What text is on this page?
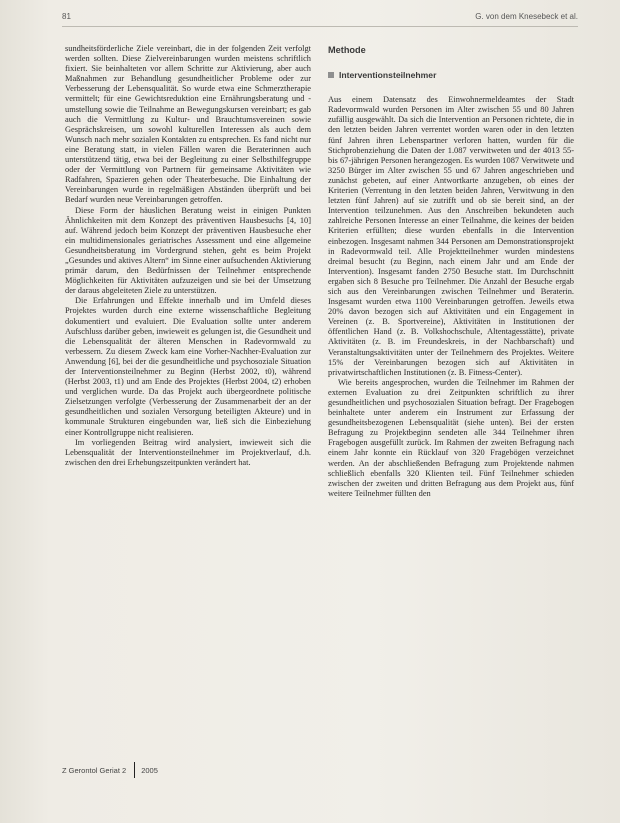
81	G. von dem Knesebeck et al.

sundheitsförderliche Ziele vereinbart, die in der folgenden Zeit verfolgt werden sollten. Diese Zielvereinbarungen wurden meistens schriftlich fixiert. Sie beinhalteten vor allem Schritte zur Aktivierung, aber auch Maßnahmen zur Behandlung gesundheitlicher Probleme oder zur Verbesserung der Lebensqualität. So wurde etwa eine Schmerztherapie vermittelt; für eine Gewichtsreduktion eine Ernährungsberatung und -umstellung sowie die Teilnahme an Bewegungskursen vereinbart; es gab auch die Vermittlung zu Kultur- und Brauchtumsvereinen sowie Gesprächskreisen, um sowohl kulturellen Interessen als auch dem Wunsch nach mehr sozialen Kontakten zu entsprechen. Es fand nicht nur eine Beratung statt, in vielen Fällen waren die Beraterinnen auch unterstützend tätig, etwa bei der Begleitung zu einer Selbsthilfegruppe oder der Vermittlung von Partnern für gemeinsame Aktivitäten wie Radfahren, Spazieren gehen oder Theaterbesuche. Die Einhaltung der Vereinbarungen wurde in regelmäßigen Abständen überprüft und bei Bedarf wurden neue Vereinbarungen getroffen.

Diese Form der häuslichen Beratung weist in einigen Punkten Ähnlichkeiten mit dem Konzept des präventiven Hausbesuchs [4, 10] auf. Während jedoch beim Konzept der präventiven Hausbesuche eher ein multidimensionales geriatrisches Assessment und eine allgemeine Gesundheitsberatung im Vordergrund stehen, geht es beim Projekt „Gesundes und aktives Altern“ im Sinne einer aufsuchenden Aktivierung primär darum, den Bedürfnissen der Teilnehmer entsprechende Möglichkeiten für Aktivitäten aufzuzeigen und sie bei der Umsetzung der daraus abgeleiteten Ziele zu unterstützen.

Die Erfahrungen und Effekte innerhalb und im Umfeld dieses Projektes wurden durch eine externe wissenschaftliche Begleitung dokumentiert und evaluiert. Die Evaluation sollte unter anderem Aufschluss darüber geben, inwieweit es gelungen ist, die Gesundheit und die Lebensqualität der älteren Menschen in Radevormwald zu verbessern. Zu diesem Zweck kam eine Vorher-Nachher-Evaluation zur Anwendung [6], bei der die gesundheitliche und psychosoziale Situation der Interventionsteilnehmer zu Beginn (Herbst 2002, t0), während (Herbst 2003, t1) und am Ende des Projektes (Herbst 2004, t2) erhoben und verglichen wurde. Da das Projekt auch übergeordnete politische Zielsetzungen verfolgte (Verbesserung der Zusammenarbeit der an der gesundheitlichen und sozialen Versorgung beteiligten Akteure) und in kommunale Strukturen eingebunden war, ließ sich die Einbeziehung einer Kontrollgruppe nicht realisieren.

Im vorliegenden Beitrag wird analysiert, inwieweit sich die Lebensqualität der Interventionsteilnehmer im Projektverlauf, d.h. zwischen den drei Erhebungszeitpunkten verändert hat.

Methode
Interventionsteilnehmer

Aus einem Datensatz des Einwohnermeldeamtes der Stadt Radevormwald wurden Personen im Alter zwischen 55 und 80 Jahren zufällig ausgewählt. Da sich die Intervention an Personen richtete, die in den letzten beiden Jahren verrentet worden waren oder in den letzten fünf Jahren ihren Lebenspartner verloren hatten, wurden für die Stichprobenziehung die Daten der 1.087 verwitweten und der 4013 55- bis 67-jährigen Personen herangezogen. Es wurden 1087 Verwitwete und 3250 Bürger im Alter zwischen 55 und 67 Jahren angeschrieben und zunächst gebeten, auf einer Antwortkarte anzugeben, ob eines der Kriterien (Verrentung in den letzten beiden Jahren, Verwitwung in den letzten fünf Jahren) auf sie zutrifft und ob sie bereit sind, an der Intervention teilzunehmen. Aus den Anschreiben bekundeten auch zahlreiche Personen Interesse an einer Teilnahme, die keines der beiden Kriterien erfüllten; diese wurden ebenfalls in die Intervention einbezogen. Insgesamt nahmen 344 Personen am Demonstrationsprojekt in Radevormwald teil. Alle Projektteilnehmer wurden mindestens dreimal besucht (zu Beginn, nach einem Jahr und am Ende der Intervention). Insgesamt fanden 2750 Besuche statt. Im Durchschnitt ergaben sich 8 Besuche pro Teilnehmer. Die Anzahl der Besuche ergab sich aus den Vereinbarungen zwischen Teilnehmer und Beraterin. Insgesamt wurden etwa 1100 Vereinbarungen getroffen. Jeweils etwa 20% davon bezogen sich auf Aktivitäten und ein Engagement in Vereinen (z. B. Sportvereine), Aktivitäten in Institutionen der öffentlichen Hand (z. B. Volkshochschule, Altentagesstätte), private Aktivitäten (z. B. im Freundeskreis, in der Nachbarschaft) und Veranstaltungsaktivitäten unter der Teilnehmern des Projektes. Weitere 15% der Vereinbarungen bezogen sich auf Aktivitäten in privatwirtschaftlichen Institutionen (z. B. Fitness-Center).

Wie bereits angesprochen, wurden die Teilnehmer im Rahmen der externen Evaluation zu drei Zeitpunkten schriftlich zu ihrer gesundheitlichen und psychosozialen Situation befragt. Der Fragebogen beinhaltete unter anderem ein Instrument zur Erfassung der gesundheitsbezogenen Lebensqualität (siehe unten). Bei der ersten Befragung zu Projektbeginn sendeten alle 344 Teilnehmer ihren Fragebogen ausgefüllt zurück. Im Rahmen der zweiten Befragung nach einem Jahr konnte ein Rücklauf von 320 Fragebögen verzeichnet werden. An der abschließenden Befragung zum Projektende nahmen schließlich ebenfalls 320 Klienten teil. Fünf Teilnehmer schieden zwischen der zweiten und dritten Befragung aus dem Projekt aus, fünf weitere Teilnehmer füllten den

Z Gerontol Geriat 2 2005
